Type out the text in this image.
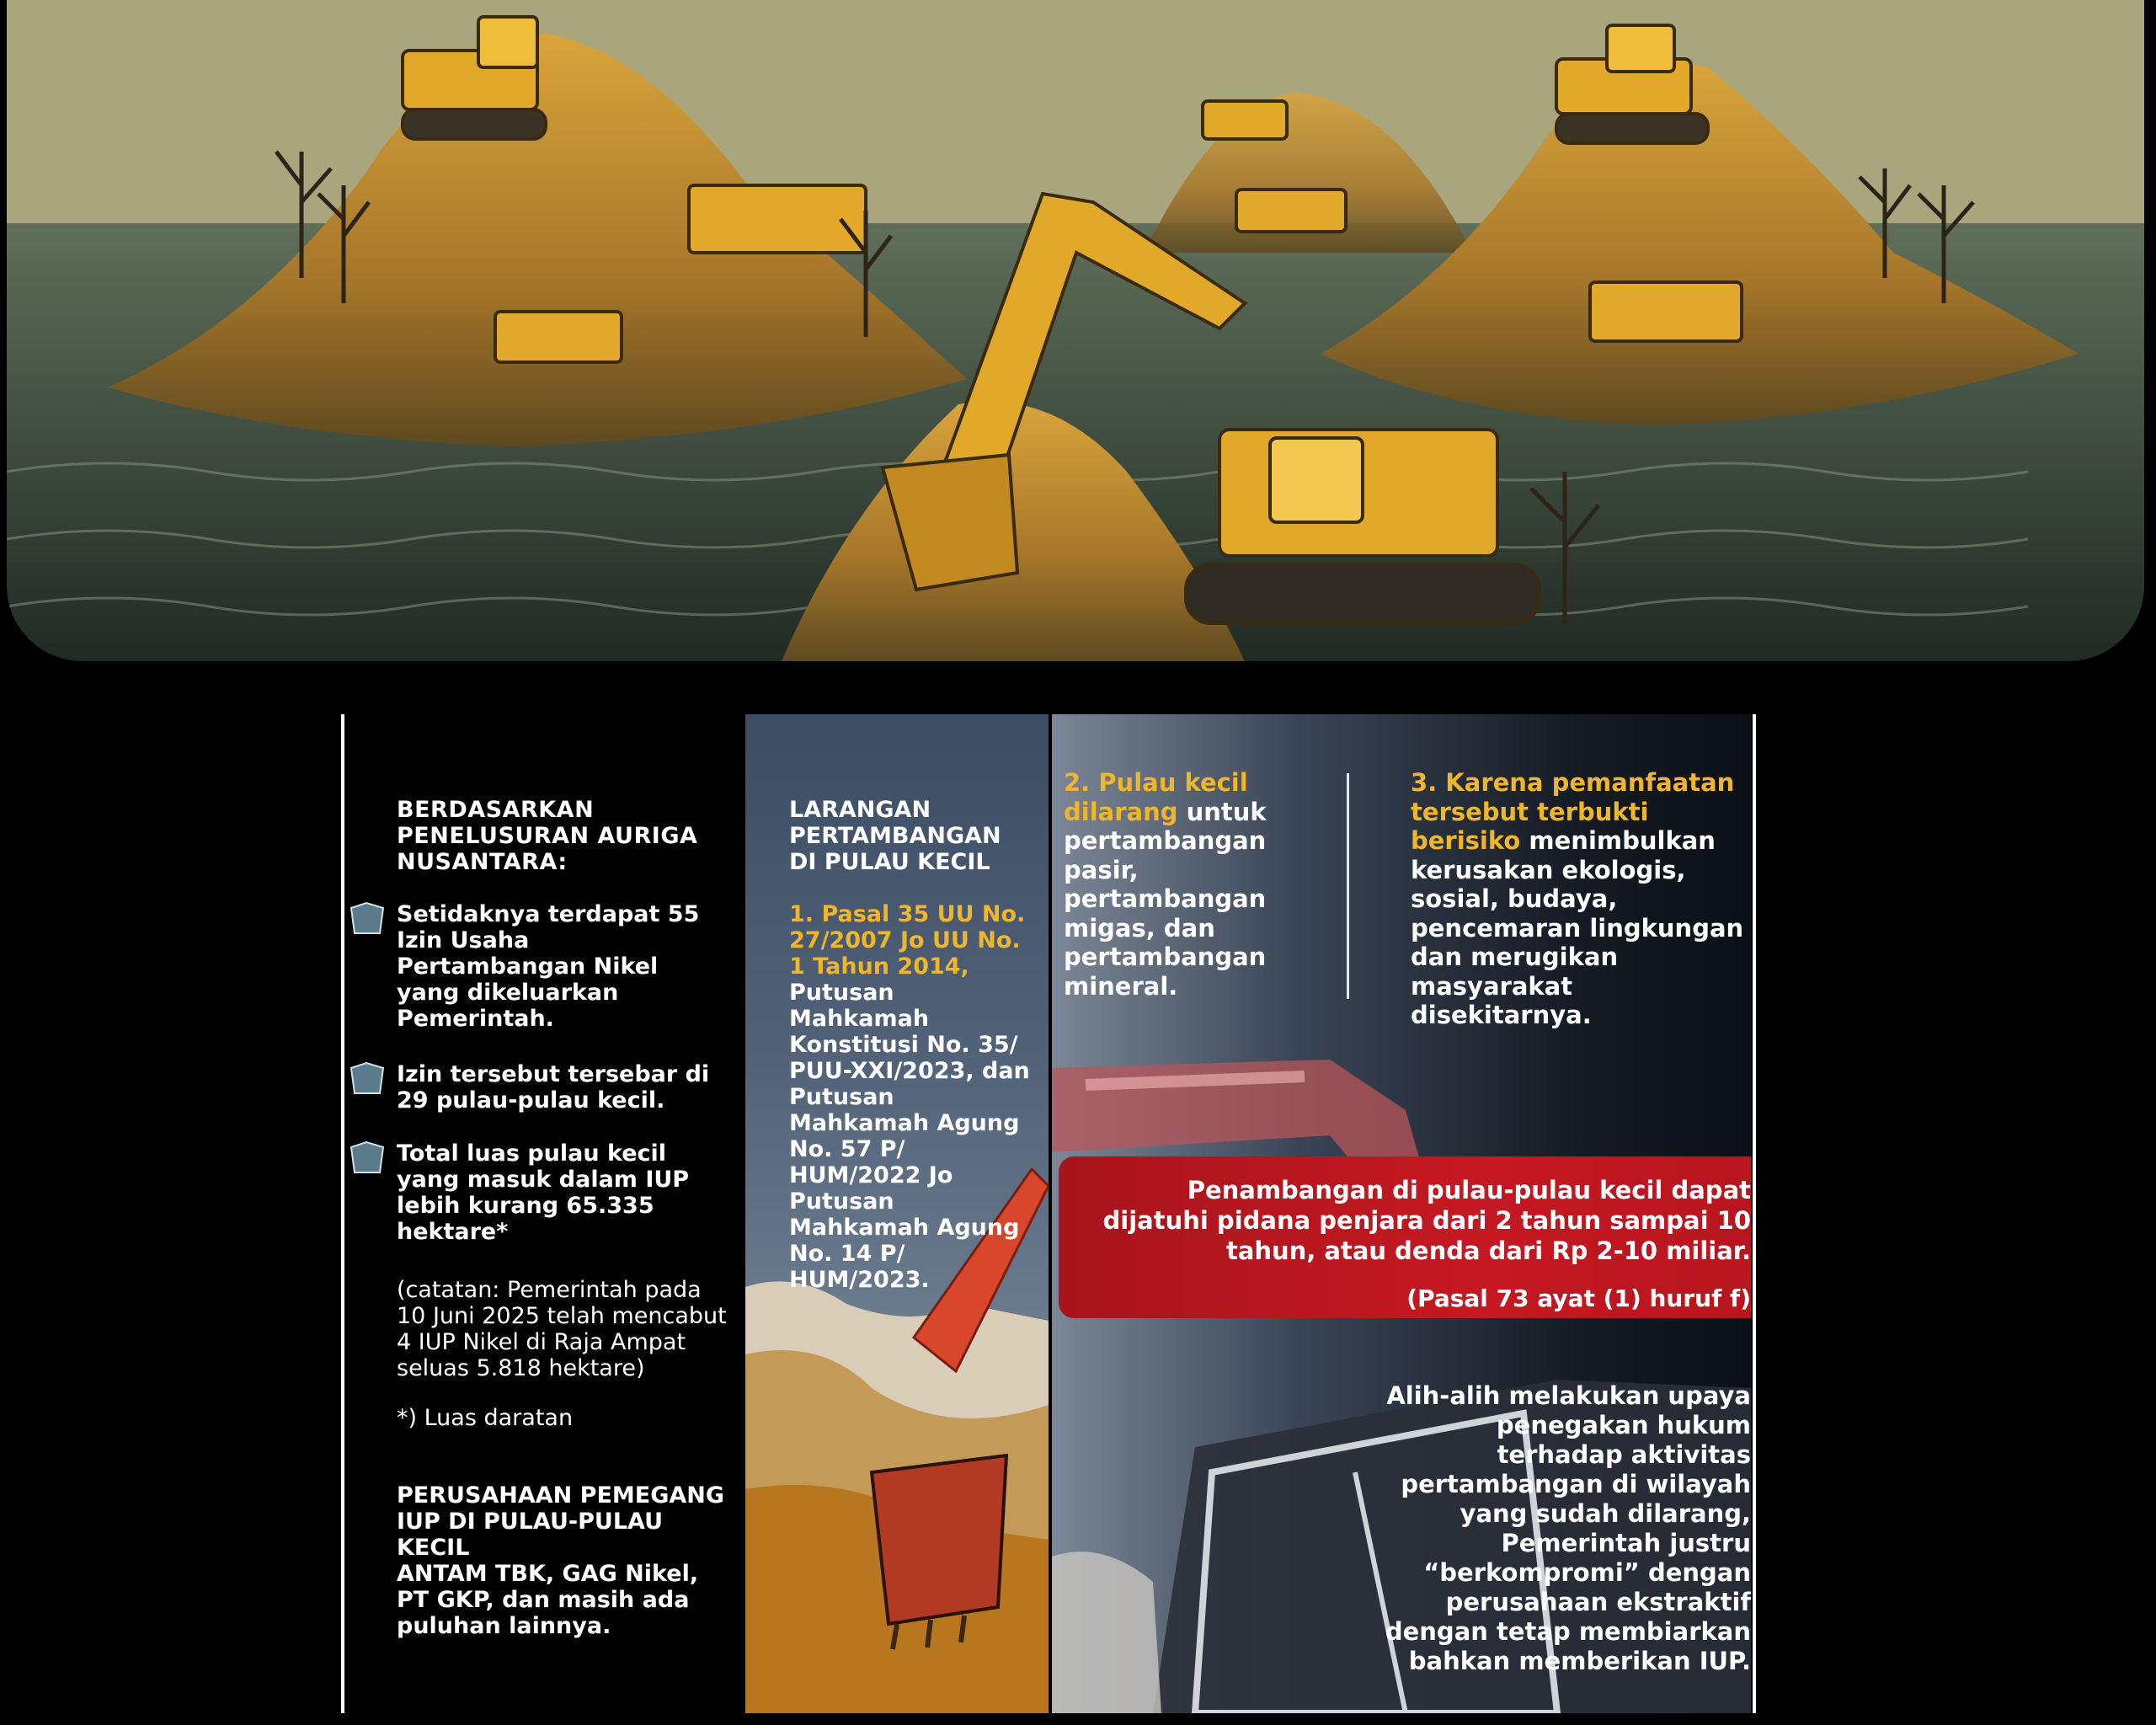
BERDASARKAN PENELUSURAN AURIGA NUSANTARA:

Setidaknya terdapat 55 Izin Usaha Pertambangan Nikel yang dikeluarkan Pemerintah.

Izin tersebut tersebar di 29 pulau-pulau kecil.

Total luas pulau kecil yang masuk dalam IUP lebih kurang 65.335 hektare*

(catatan: Pemerintah pada 10 Juni 2025 telah mencabut 4 IUP Nikel di Raja Ampat seluas 5.818 hektare)

*) Luas daratan

PERUSAHAAN PEMEGANG IUP DI PULAU-PULAU KECIL

ANTAM TBK, GAG Nikel, PT GKP, dan masih ada puluhan lainnya.

LARANGAN PERTAMBANGAN DI PULAU KECIL

1. Pasal 35 UU No. 27/2007 Jo UU No. 1 Tahun 2014,

Putusan Mahkamah Konstitusi No. 35/ PUU-XXI/2023, dan Putusan Mahkamah Agung No. 57 P/ HUM/2022 Jo Putusan Mahkamah Agung No. 14 P/ HUM/2023.

2. Pulau kecil dilarang untuk pertambangan pasir, pertambangan migas, dan pertambangan mineral.

3. Karena pemanfaatan tersebut terbukti berisiko menimbulkan kerusakan ekologis, sosial, budaya, pencemaran lingkungan dan merugikan masyarakat disekitarnya.

Penambangan di pulau-pulau kecil dapat dijatuhi pidana penjara dari 2 tahun sampai 10 tahun, atau denda dari Rp 2-10 miliar.
(Pasal 73 ayat (1) huruf f)
Alih-alih melakukan upaya penegakan hukum terhadap aktivitas pertambangan di wilayah yang sudah dilarang, Pemerintah justru “berkompromi” dengan perusahaan ekstraktif dengan tetap membiarkan bahkan memberikan IUP.
